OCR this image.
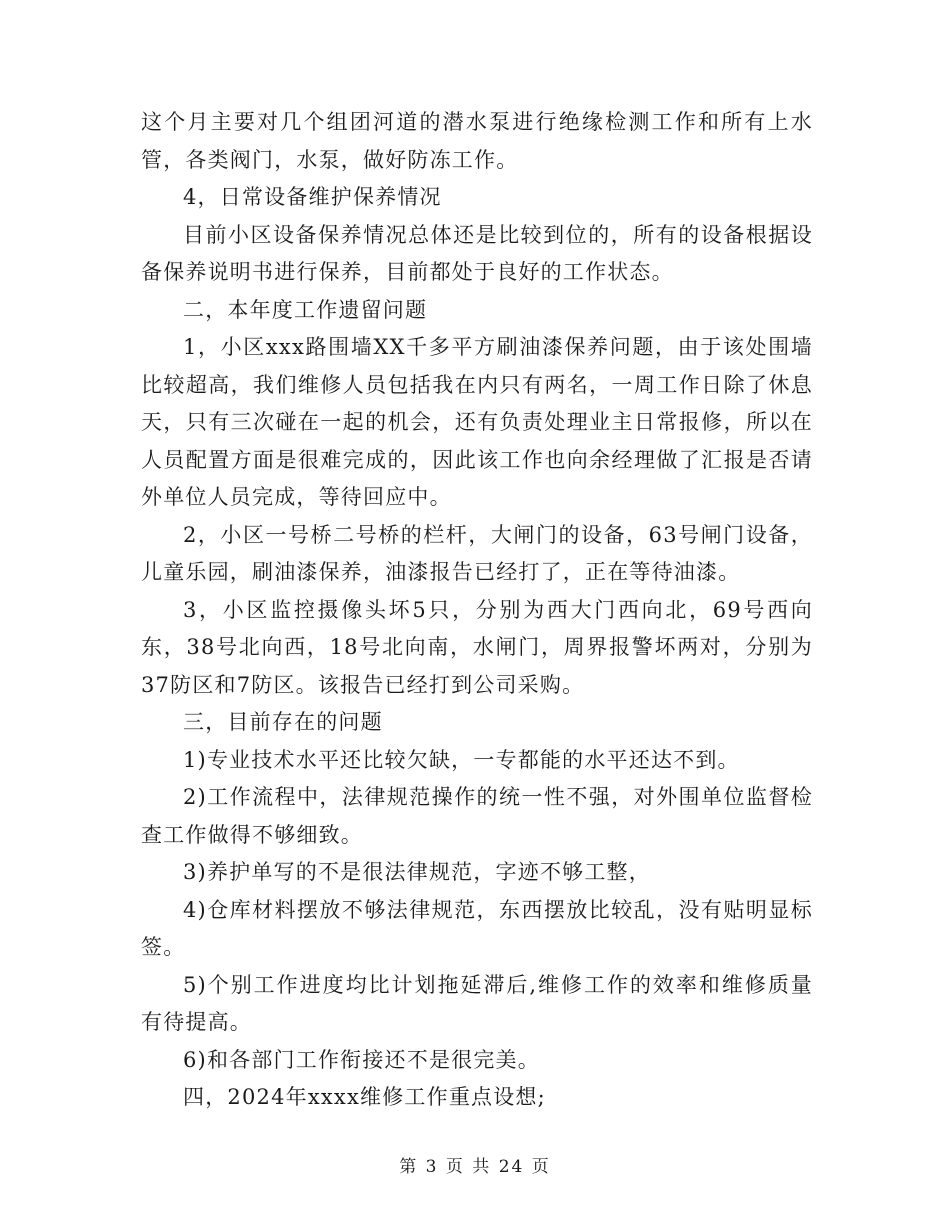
这个月主要对几个组团河道的潜水泵进行绝缘检测工作和所有上水管，各类阀门，水泵，做好防冻工作。

4，日常设备维护保养情况

目前小区设备保养情况总体还是比较到位的，所有的设备根据设备保养说明书进行保养，目前都处于良好的工作状态。

二，本年度工作遗留问题

1，小区xxx路围墙XX千多平方刷油漆保养问题，由于该处围墙比较超高，我们维修人员包括我在内只有两名，一周工作日除了休息天，只有三次碰在一起的机会，还有负责处理业主日常报修，所以在人员配置方面是很难完成的，因此该工作也向余经理做了汇报是否请外单位人员完成，等待回应中。

2，小区一号桥二号桥的栏杆，大闸门的设备，63号闸门设备，儿童乐园，刷油漆保养，油漆报告已经打了，正在等待油漆。

3，小区监控摄像头坏5只，分别为西大门西向北，69号西向东，38号北向西，18号北向南，水闸门，周界报警坏两对，分别为37防区和7防区。该报告已经打到公司采购。

三，目前存在的问题

1)专业技术水平还比较欠缺，一专都能的水平还达不到。

2)工作流程中，法律规范操作的统一性不强，对外围单位监督检查工作做得不够细致。

3)养护单写的不是很法律规范，字迹不够工整，

4)仓库材料摆放不够法律规范，东西摆放比较乱，没有贴明显标签。

5)个别工作进度均比计划拖延滞后,维修工作的效率和维修质量有待提高。

6)和各部门工作衔接还不是很完美。

四，2024年xxxx维修工作重点设想;

第 3 页 共 24 页
